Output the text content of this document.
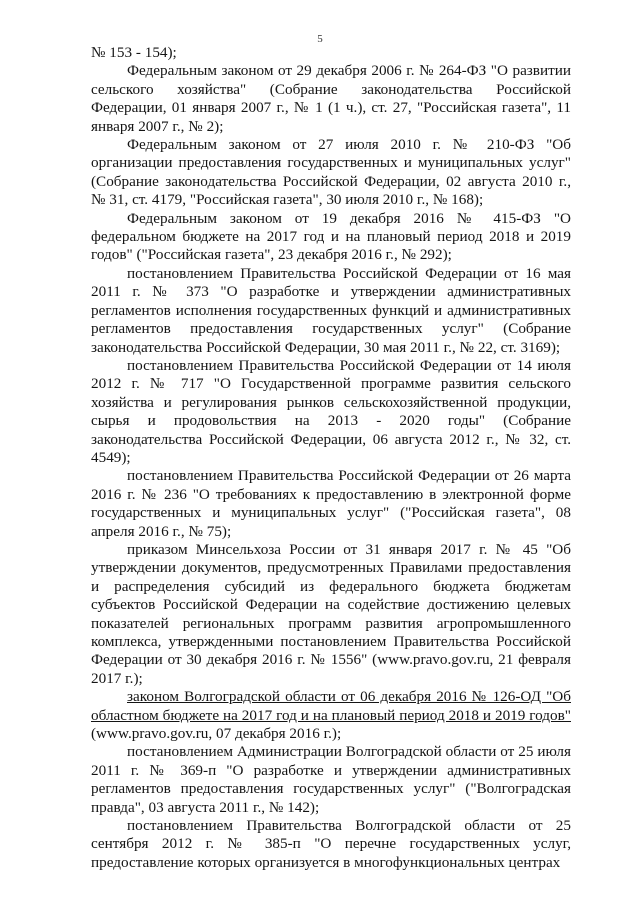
5

№ 153 - 154);

Федеральным законом от 29 декабря 2006 г. № 264-ФЗ "О развитии сельского хозяйства" (Собрание законодательства Российской Федерации, 01 января 2007 г., № 1 (1 ч.), ст. 27, "Российская газета", 11 января 2007 г., № 2);

Федеральным законом от 27 июля 2010 г. № 210-ФЗ "Об организации предоставления государственных и муниципальных услуг" (Собрание законодательства Российской Федерации, 02 августа 2010 г., № 31, ст. 4179, "Российская газета", 30 июля 2010 г., № 168);

Федеральным законом от 19 декабря 2016 № 415-ФЗ "О федеральном бюджете на 2017 год и на плановый период 2018 и 2019 годов" ("Российская газета", 23 декабря 2016 г., № 292);

постановлением Правительства Российской Федерации от 16 мая 2011 г. № 373 "О разработке и утверждении административных регламентов исполнения государственных функций и административных регламентов предоставления государственных услуг" (Собрание законодательства Российской Федерации, 30 мая 2011 г., № 22, ст. 3169);

постановлением Правительства Российской Федерации от 14 июля 2012 г. № 717 "О Государственной программе развития сельского хозяйства и регулирования рынков сельскохозяйственной продукции, сырья и продовольствия на 2013 - 2020 годы" (Собрание законодательства Российской Федерации, 06 августа 2012 г., № 32, ст. 4549);

постановлением Правительства Российской Федерации от 26 марта 2016 г. № 236 "О требованиях к предоставлению в электронной форме государственных и муниципальных услуг" ("Российская газета", 08 апреля 2016 г., № 75);

приказом Минсельхоза России от 31 января 2017 г. № 45 "Об утверждении документов, предусмотренных Правилами предоставления и распределения субсидий из федерального бюджета бюджетам субъектов Российской Федерации на содействие достижению целевых показателей региональных программ развития агропромышленного комплекса, утвержденными постановлением Правительства Российской Федерации от 30 декабря 2016 г. № 1556" (www.pravo.gov.ru, 21 февраля 2017 г.);

законом Волгоградской области от 06 декабря 2016 № 126-ОД "Об областном бюджете на 2017 год и на плановый период 2018 и 2019 годов" (www.pravo.gov.ru, 07 декабря 2016 г.);

постановлением Администрации Волгоградской области от 25 июля 2011 г. № 369-п "О разработке и утверждении административных регламентов предоставления государственных услуг" ("Волгоградская правда", 03 августа 2011 г., № 142);

постановлением Правительства Волгоградской области от 25 сентября 2012 г. № 385-п "О перечне государственных услуг, предоставление которых организуется в многофункциональных центрах
